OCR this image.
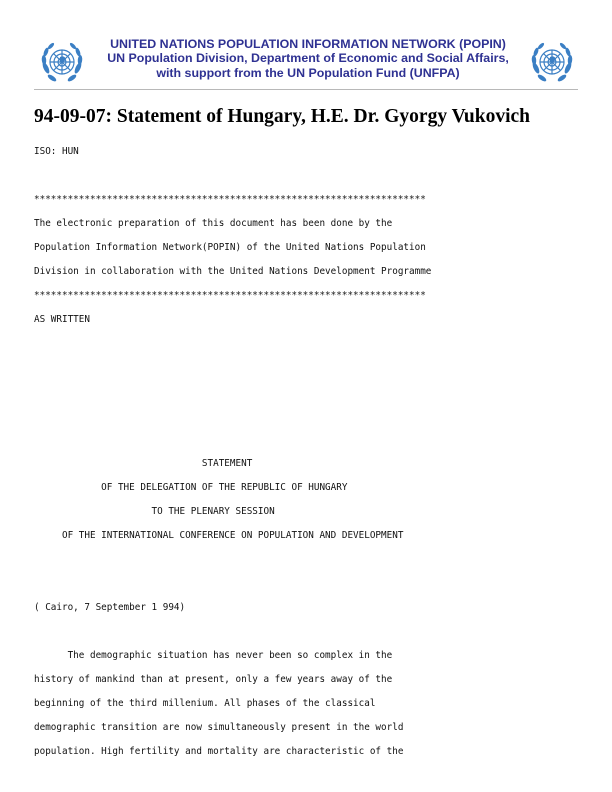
UNITED NATIONS POPULATION INFORMATION NETWORK (POPIN)
UN Population Division, Department of Economic and Social Affairs,
with support from the UN Population Fund (UNFPA)
94-09-07: Statement of Hungary, H.E. Dr. Gyorgy Vukovich
ISO: HUN
**********************************************************************
The electronic preparation of this document has been done by the
Population Information Network(POPIN) of the United Nations Population
Division in collaboration with the United Nations Development Programme
**********************************************************************
AS WRITTEN
STATEMENT
OF THE DELEGATION OF THE REPUBLIC OF HUNGARY
TO THE PLENARY SESSION
OF THE INTERNATIONAL CONFERENCE ON POPULATION AND DEVELOPMENT
( Cairo, 7 September 1 994)
The demographic situation has never been so complex in the
history of mankind than at present, only a few years away of the
beginning of the third millenium. All phases of the classical
demographic transition are now simultaneously present in the world
population. High fertility and mortality are characteristic of the
